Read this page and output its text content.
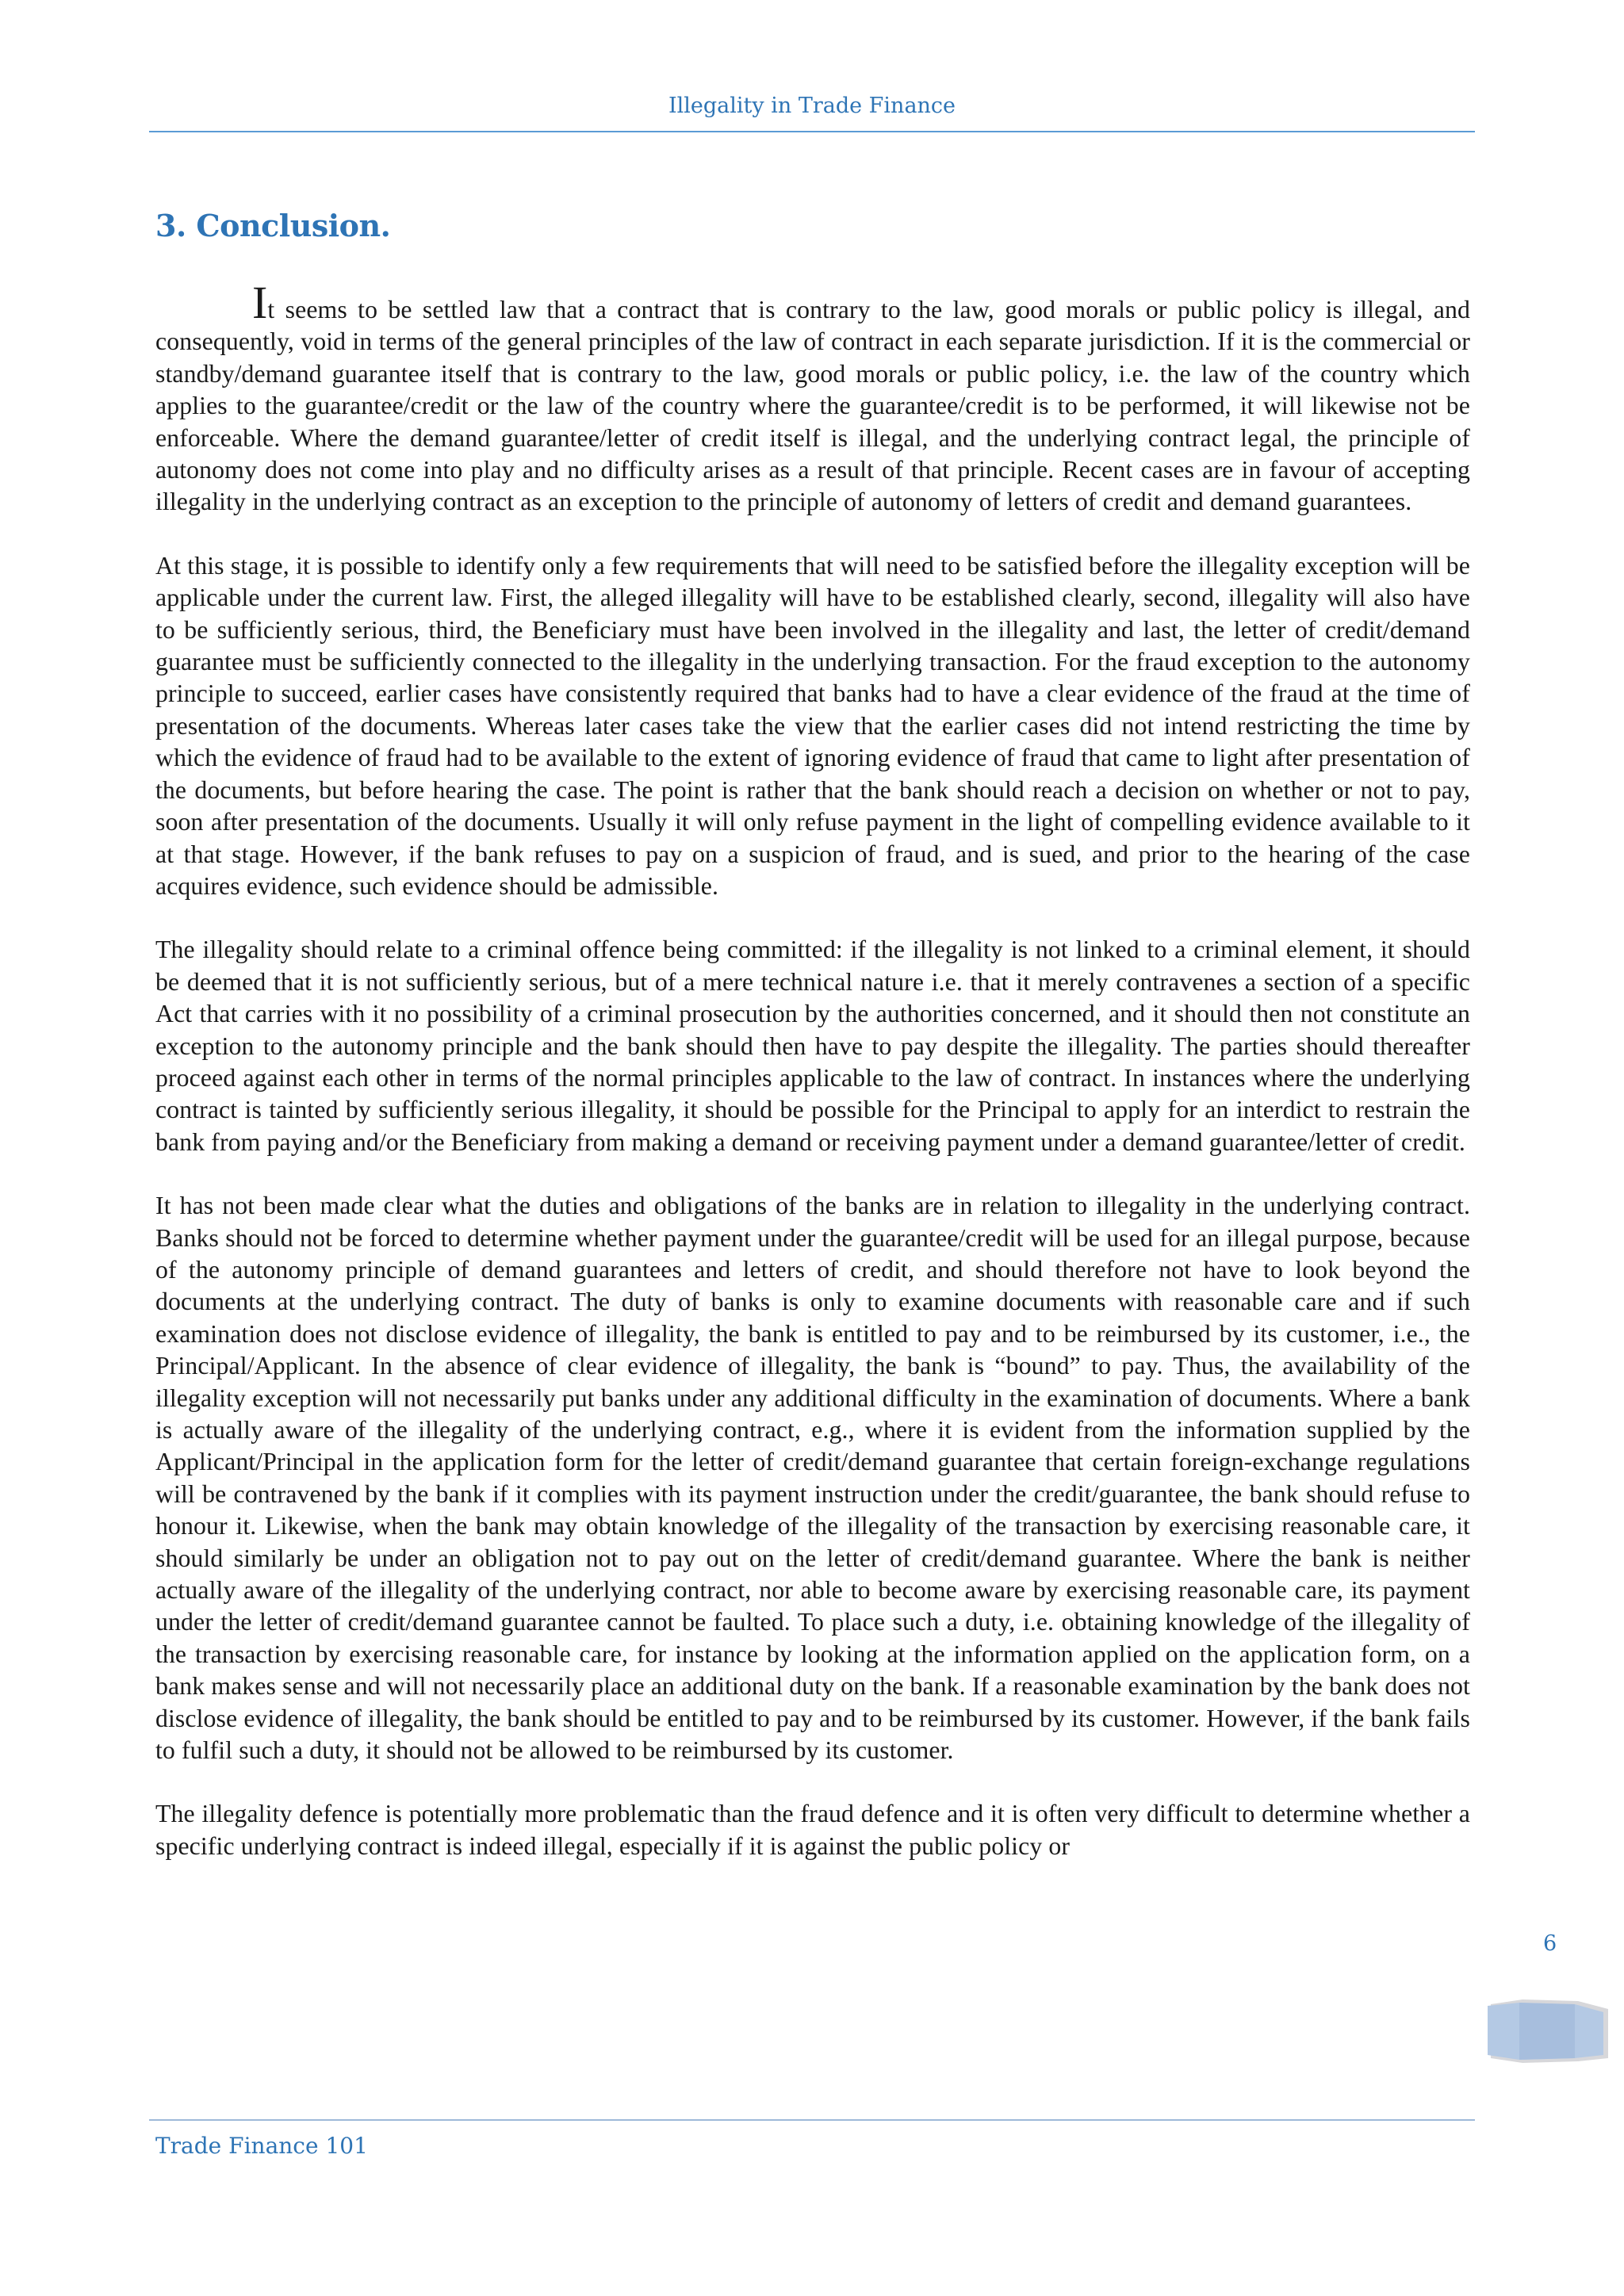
Illegality in Trade Finance
3. Conclusion.

It seems to be settled law that a contract that is contrary to the law, good morals or public policy is illegal, and consequently, void in terms of the general principles of the law of contract in each separate jurisdiction. If it is the commercial or standby/demand guarantee itself that is contrary to the law, good morals or public policy, i.e. the law of the country which applies to the guarantee/credit or the law of the country where the guarantee/credit is to be performed, it will likewise not be enforceable. Where the demand guarantee/letter of credit itself is illegal, and the underlying contract legal, the principle of autonomy does not come into play and no difficulty arises as a result of that principle. Recent cases are in favour of accepting illegality in the underlying contract as an exception to the principle of autonomy of letters of credit and demand guarantees.

At this stage, it is possible to identify only a few requirements that will need to be satisfied before the illegality exception will be applicable under the current law. First, the alleged illegality will have to be established clearly, second, illegality will also have to be sufficiently serious, third, the Beneficiary must have been involved in the illegality and last, the letter of credit/demand guarantee must be sufficiently connected to the illegality in the underlying transaction. For the fraud exception to the autonomy principle to succeed, earlier cases have consistently required that banks had to have a clear evidence of the fraud at the time of presentation of the documents. Whereas later cases take the view that the earlier cases did not intend restricting the time by which the evidence of fraud had to be available to the extent of ignoring evidence of fraud that came to light after presentation of the documents, but before hearing the case. The point is rather that the bank should reach a decision on whether or not to pay, soon after presentation of the documents. Usually it will only refuse payment in the light of compelling evidence available to it at that stage. However, if the bank refuses to pay on a suspicion of fraud, and is sued, and prior to the hearing of the case acquires evidence, such evidence should be admissible.

The illegality should relate to a criminal offence being committed: if the illegality is not linked to a criminal element, it should be deemed that it is not sufficiently serious, but of a mere technical nature i.e. that it merely contravenes a section of a specific Act that carries with it no possibility of a criminal prosecution by the authorities concerned, and it should then not constitute an exception to the autonomy principle and the bank should then have to pay despite the illegality. The parties should thereafter proceed against each other in terms of the normal principles applicable to the law of contract. In instances where the underlying contract is tainted by sufficiently serious illegality, it should be possible for the Principal to apply for an interdict to restrain the bank from paying and/or the Beneficiary from making a demand or receiving payment under a demand guarantee/letter of credit.

It has not been made clear what the duties and obligations of the banks are in relation to illegality in the underlying contract. Banks should not be forced to determine whether payment under the guarantee/credit will be used for an illegal purpose, because of the autonomy principle of demand guarantees and letters of credit, and should therefore not have to look beyond the documents at the underlying contract. The duty of banks is only to examine documents with reasonable care and if such examination does not disclose evidence of illegality, the bank is entitled to pay and to be reimbursed by its customer, i.e., the Principal/Applicant. In the absence of clear evidence of illegality, the bank is “bound” to pay. Thus, the availability of the illegality exception will not necessarily put banks under any additional difficulty in the examination of documents. Where a bank is actually aware of the illegality of the underlying contract, e.g., where it is evident from the information supplied by the Applicant/Principal in the application form for the letter of credit/demand guarantee that certain foreign-exchange regulations will be contravened by the bank if it complies with its payment instruction under the credit/guarantee, the bank should refuse to honour it. Likewise, when the bank may obtain knowledge of the illegality of the transaction by exercising reasonable care, it should similarly be under an obligation not to pay out on the letter of credit/demand guarantee. Where the bank is neither actually aware of the illegality of the underlying contract, nor able to become aware by exercising reasonable care, its payment under the letter of credit/demand guarantee cannot be faulted. To place such a duty, i.e. obtaining knowledge of the illegality of the transaction by exercising reasonable care, for instance by looking at the information applied on the application form, on a bank makes sense and will not necessarily place an additional duty on the bank. If a reasonable examination by the bank does not disclose evidence of illegality, the bank should be entitled to pay and to be reimbursed by its customer. However, if the bank fails to fulfil such a duty, it should not be allowed to be reimbursed by its customer.

The illegality defence is potentially more problematic than the fraud defence and it is often very difficult to determine whether a specific underlying contract is indeed illegal, especially if it is against the public policy or

6
Trade Finance 101
